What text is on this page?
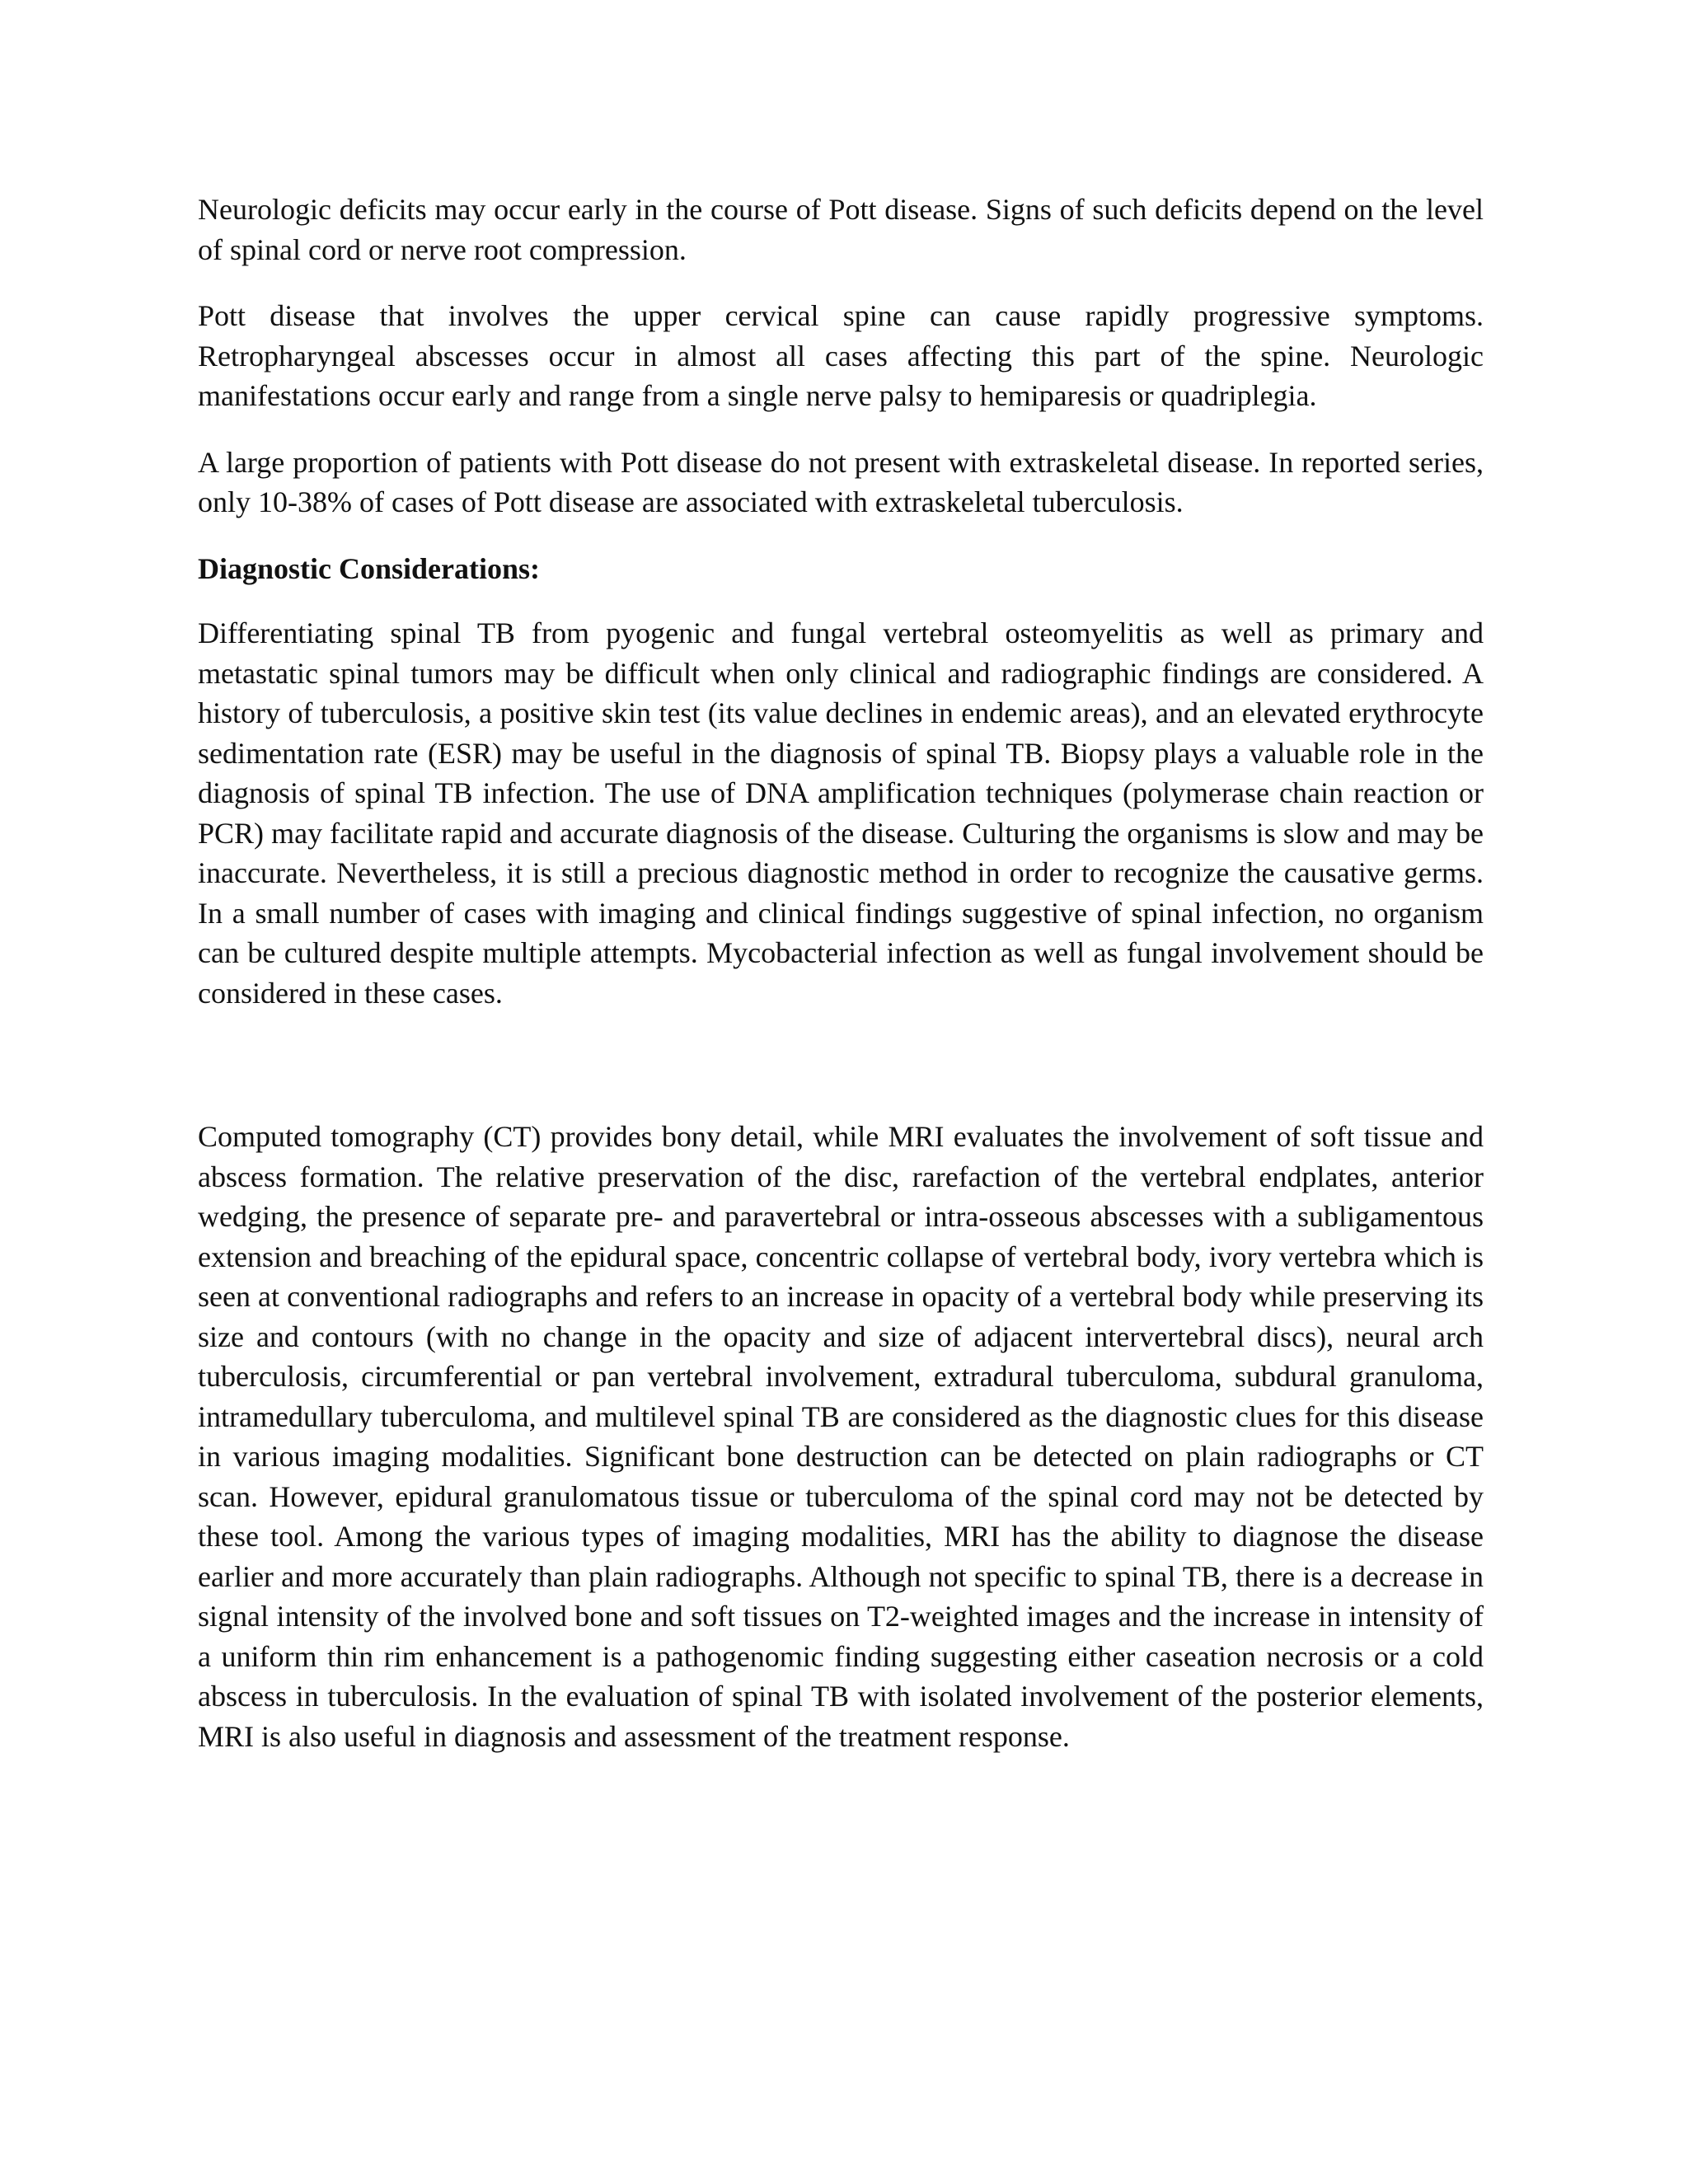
Neurologic deficits may occur early in the course of Pott disease. Signs of such deficits depend on the level of spinal cord or nerve root compression.

Pott disease that involves the upper cervical spine can cause rapidly progressive symptoms. Retropharyngeal abscesses occur in almost all cases affecting this part of the spine. Neurologic manifestations occur early and range from a single nerve palsy to hemiparesis or quadriplegia.

A large proportion of patients with Pott disease do not present with extraskeletal disease. In reported series, only 10-38% of cases of Pott disease are associated with extraskeletal tuberculosis.

Diagnostic Considerations:

Differentiating spinal TB from pyogenic and fungal vertebral osteomyelitis as well as primary and metastatic spinal tumors may be difficult when only clinical and radiographic findings are considered. A history of tuberculosis, a positive skin test (its value declines in endemic areas), and an elevated erythrocyte sedimentation rate (ESR) may be useful in the diagnosis of spinal TB. Biopsy plays a valuable role in the diagnosis of spinal TB infection. The use of DNA amplification techniques (polymerase chain reaction or PCR) may facilitate rapid and accurate diagnosis of the disease. Culturing the organisms is slow and may be inaccurate. Nevertheless, it is still a precious diagnostic method in order to recognize the causative germs. In a small number of cases with imaging and clinical findings suggestive of spinal infection, no organism can be cultured despite multiple attempts. Mycobacterial infection as well as fungal involvement should be considered in these cases.

Computed tomography (CT) provides bony detail, while MRI evaluates the involvement of soft tissue and abscess formation. The relative preservation of the disc, rarefaction of the vertebral endplates, anterior wedging, the presence of separate pre- and paravertebral or intra-osseous abscesses with a subligamentous extension and breaching of the epidural space, concentric collapse of vertebral body, ivory vertebra which is seen at conventional radiographs and refers to an increase in opacity of a vertebral body while preserving its size and contours (with no change in the opacity and size of adjacent intervertebral discs), neural arch tuberculosis, circumferential or pan vertebral involvement, extradural tuberculoma, subdural granuloma, intramedullary tuberculoma, and multilevel spinal TB are considered as the diagnostic clues for this disease in various imaging modalities. Significant bone destruction can be detected on plain radiographs or CT scan. However, epidural granulomatous tissue or tuberculoma of the spinal cord may not be detected by these tool. Among the various types of imaging modalities, MRI has the ability to diagnose the disease earlier and more accurately than plain radiographs. Although not specific to spinal TB, there is a decrease in signal intensity of the involved bone and soft tissues on T2-weighted images and the increase in intensity of a uniform thin rim enhancement is a pathogenomic finding suggesting either caseation necrosis or a cold abscess in tuberculosis. In the evaluation of spinal TB with isolated involvement of the posterior elements, MRI is also useful in diagnosis and assessment of the treatment response.
